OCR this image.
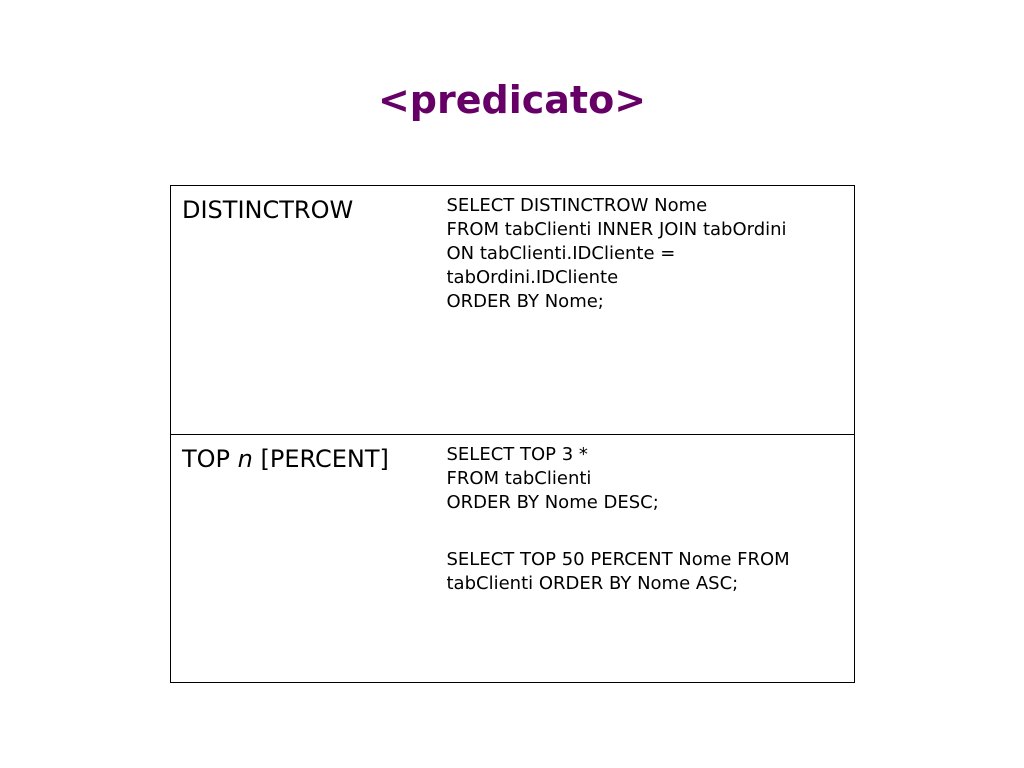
<predicato>
DISTINCTROW	SELECT DISTINCTROW Nome
FROM tabClienti INNER JOIN tabOrdini
ON tabClienti.IDCliente =
tabOrdini.IDCliente
ORDER BY Nome;

TOP n [PERCENT]	SELECT TOP 3 *
FROM tabClienti
ORDER BY Nome DESC;
SELECT TOP 50 PERCENT Nome FROM
tabClienti ORDER BY Nome ASC;
